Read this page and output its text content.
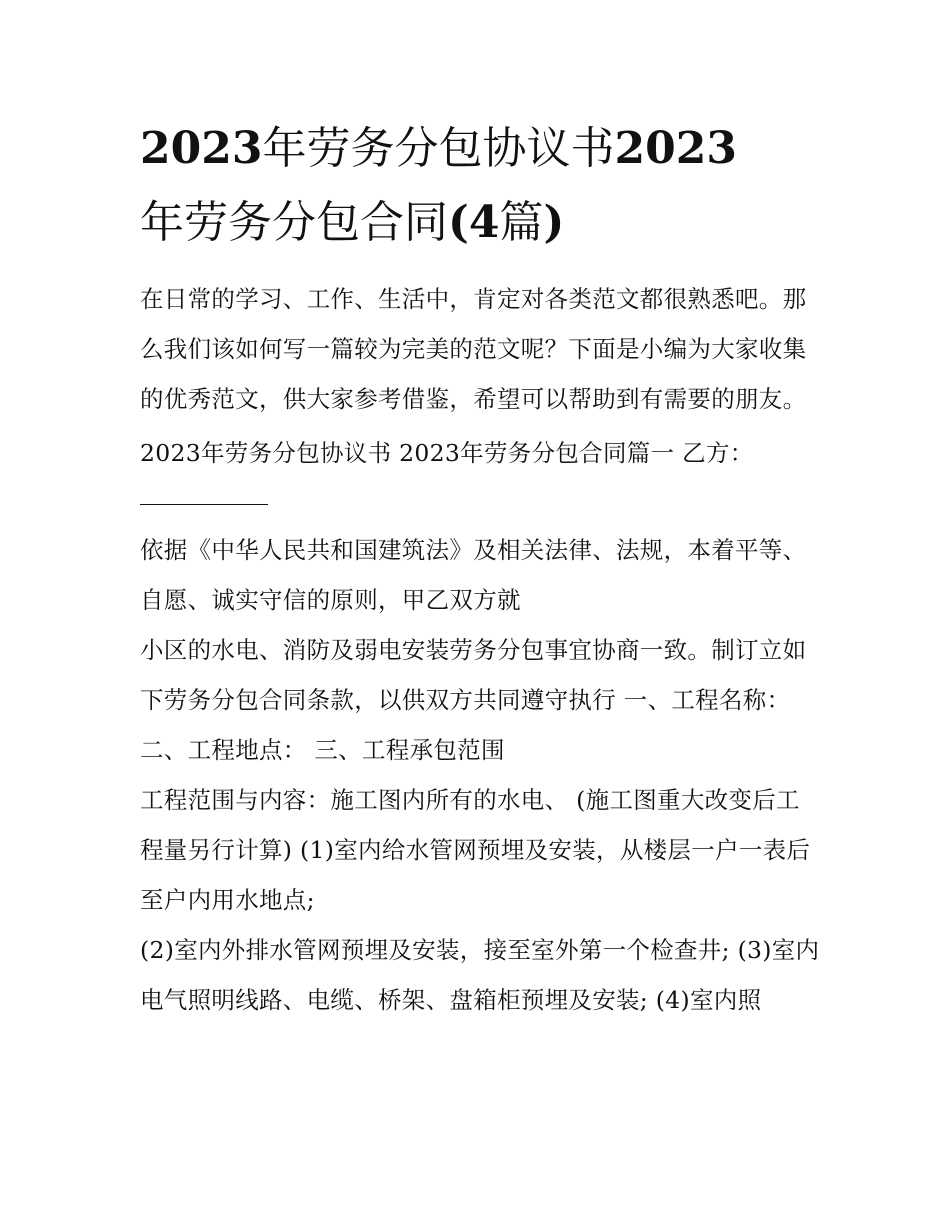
2023年劳务分包协议书2023
年劳务分包合同(4篇)

在日常的学习、工作、生活中，肯定对各类范文都很熟悉吧。那么我们该如何写一篇较为完美的范文呢？下面是小编为大家收集的优秀范文，供大家参考借鉴，希望可以帮助到有需要的朋友。

2023年劳务分包协议书 2023年劳务分包合同篇一 乙方：

依据《中华人民共和国建筑法》及相关法律、法规，本着平等、自愿、诚实守信的原则，甲乙双方就

小区的水电、消防及弱电安装劳务分包事宜协商一致。制订立如下劳务分包合同条款，以供双方共同遵守执行 一、工程名称： 二、工程地点： 三、工程承包范围

工程范围与内容：施工图内所有的水电、 (施工图重大改变后工程量另行计算) (1)室内给水管网预埋及安装，从楼层一户一表后至户内用水地点;

(2)室内外排水管网预埋及安装，接至室外第一个检查井; (3)室内电气照明线路、电缆、桥架、盘箱柜预埋及安装; (4)室内照
